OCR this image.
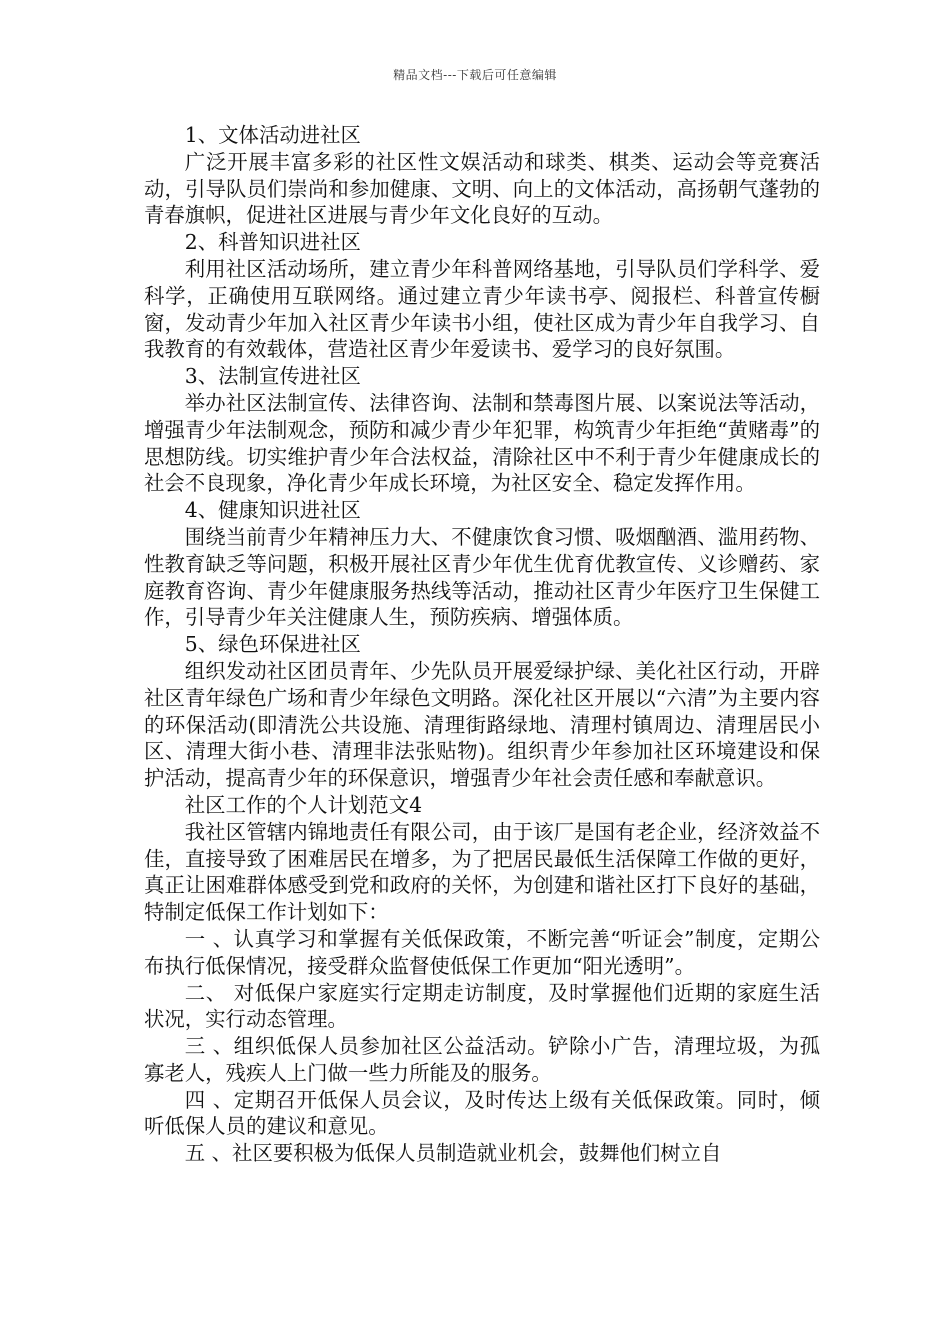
精品文档---下载后可任意编辑

1、文体活动进社区

广泛开展丰富多彩的社区性文娱活动和球类、棋类、运动会等竞赛活动，引导队员们崇尚和参加健康、文明、向上的文体活动，高扬朝气蓬勃的青春旗帜，促进社区进展与青少年文化良好的互动。

2、科普知识进社区

利用社区活动场所，建立青少年科普网络基地，引导队员们学科学、爱科学，正确使用互联网络。通过建立青少年读书亭、阅报栏、科普宣传橱窗，发动青少年加入社区青少年读书小组，使社区成为青少年自我学习、自我教育的有效载体，营造社区青少年爱读书、爱学习的良好氛围。

3、法制宣传进社区

举办社区法制宣传、法律咨询、法制和禁毒图片展、以案说法等活动，增强青少年法制观念，预防和减少青少年犯罪，构筑青少年拒绝“黄赌毒”的思想防线。切实维护青少年合法权益，清除社区中不利于青少年健康成长的社会不良现象，净化青少年成长环境，为社区安全、稳定发挥作用。

4、健康知识进社区

围绕当前青少年精神压力大、不健康饮食习惯、吸烟酗酒、滥用药物、性教育缺乏等问题，积极开展社区青少年优生优育优教宣传、义诊赠药、家庭教育咨询、青少年健康服务热线等活动，推动社区青少年医疗卫生保健工作，引导青少年关注健康人生，预防疾病、增强体质。

5、绿色环保进社区

组织发动社区团员青年、少先队员开展爱绿护绿、美化社区行动，开辟社区青年绿色广场和青少年绿色文明路。深化社区开展以“六清”为主要内容的环保活动(即清洗公共设施、清理街路绿地、清理村镇周边、清理居民小区、清理大街小巷、清理非法张贴物)。组织青少年参加社区环境建设和保护活动，提高青少年的环保意识，增强青少年社会责任感和奉献意识。

社区工作的个人计划范文4

我社区管辖内锦地责任有限公司，由于该厂是国有老企业，经济效益不佳，直接导致了困难居民在增多，为了把居民最低生活保障工作做的更好，真正让困难群体感受到党和政府的关怀，为创建和谐社区打下良好的基础，特制定低保工作计划如下：

一 、认真学习和掌握有关低保政策，不断完善“听证会”制度，定期公布执行低保情况，接受群众监督使低保工作更加“阳光透明”。

二、 对低保户家庭实行定期走访制度，及时掌握他们近期的家庭生活状况，实行动态管理。

三 、组织低保人员参加社区公益活动。铲除小广告，清理垃圾，为孤寡老人，残疾人上门做一些力所能及的服务。

四 、定期召开低保人员会议，及时传达上级有关低保政策。同时，倾听低保人员的建议和意见。

五 、社区要积极为低保人员制造就业机会，鼓舞他们树立自
